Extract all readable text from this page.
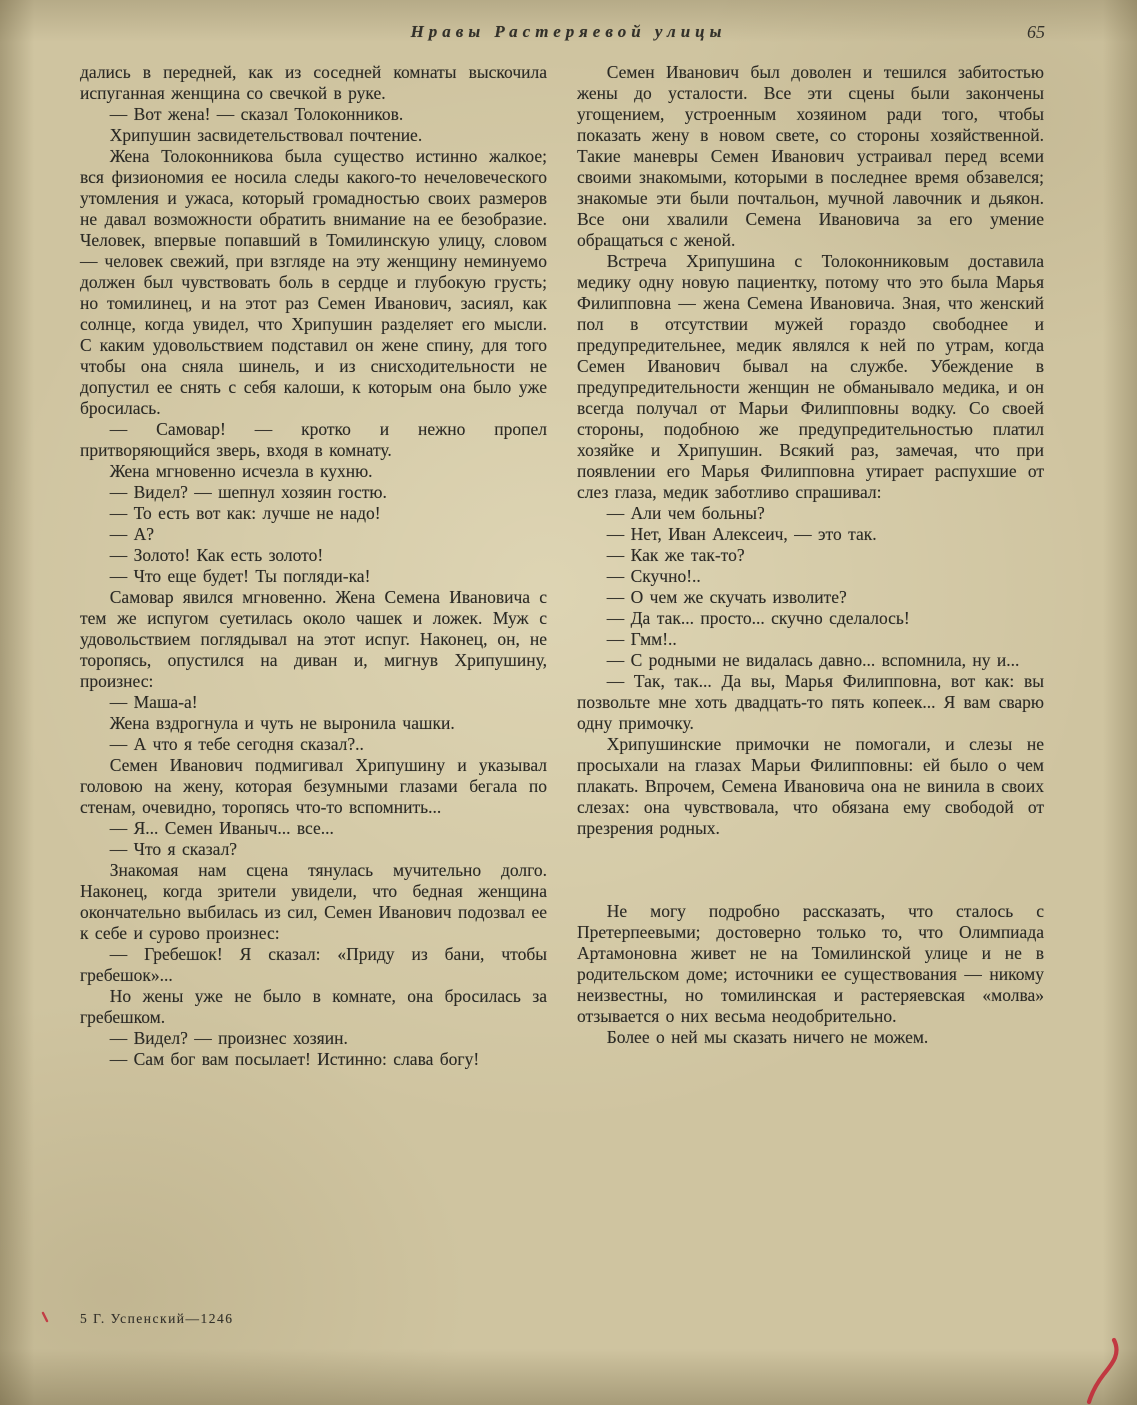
Нравы Растеряевой улицы	65

дались в передней, как из соседней комнаты выскочила испуганная женщина со свечкой в руке.

— Вот жена! — сказал Толоконников.

Хрипушин засвидетельствовал почтение.

Жена Толоконникова была существо истинно жалкое; вся физиономия ее носила следы какого-то нечеловеческого утомления и ужаса, который громадностью своих размеров не давал возможности обратить внимание на ее безобразие. Человек, впервые попавший в Томилинскую улицу, словом — человек свежий, при взгляде на эту женщину неминуемо должен был чувствовать боль в сердце и глубокую грусть; но томилинец, и на этот раз Семен Иванович, засиял, как солнце, когда увидел, что Хрипушин разделяет его мысли. С каким удовольствием подставил он жене спину, для того чтобы она сняла шинель, и из снисходительности не допустил ее снять с себя калоши, к которым она было уже бросилась.

— Самовар! — кротко и нежно пропел притворяющийся зверь, входя в комнату.

Жена мгновенно исчезла в кухню.

— Видел? — шепнул хозяин гостю.

— То есть вот как: лучше не надо!

— А?

— Золото! Как есть золото!

— Что еще будет! Ты погляди-ка!

Самовар явился мгновенно. Жена Семена Ивановича с тем же испугом суетилась около чашек и ложек. Муж с удовольствием поглядывал на этот испуг. Наконец, он, не торопясь, опустился на диван и, мигнув Хрипушину, произнес:

— Маша-а!

Жена вздрогнула и чуть не выронила чашки.

— А что я тебе сегодня сказал?..

Семен Иванович подмигивал Хрипушину и указывал головою на жену, которая безумными глазами бегала по стенам, очевидно, торопясь что-то вспомнить...

— Я... Семен Иваныч... все...

— Что я сказал?

Знакомая нам сцена тянулась мучительно долго. Наконец, когда зрители увидели, что бедная женщина окончательно выбилась из сил, Семен Иванович подозвал ее к себе и сурово произнес:

— Гребешок! Я сказал: «Приду из бани, чтобы гребешок»...

Но жены уже не было в комнате, она бросилась за гребешком.

— Видел? — произнес хозяин.

— Сам бог вам посылает! Истинно: слава богу!

Семен Иванович был доволен и тешился забитостью жены до усталости. Все эти сцены были закончены угощением, устроенным хозяином ради того, чтобы показать жену в новом свете, со стороны хозяйственной. Такие маневры Семен Иванович устраивал перед всеми своими знакомыми, которыми в последнее время обзавелся; знакомые эти были почтальон, мучной лавочник и дьякон. Все они хвалили Семена Ивановича за его умение обращаться с женой.

Встреча Хрипушина с Толоконниковым доставила медику одну новую пациентку, потому что это была Марья Филипповна — жена Семена Ивановича. Зная, что женский пол в отсутствии мужей гораздо свободнее и предупредительнее, медик являлся к ней по утрам, когда Семен Иванович бывал на службе. Убеждение в предупредительности женщин не обманывало медика, и он всегда получал от Марьи Филипповны водку. Со своей стороны, подобною же предупредительностью платил хозяйке и Хрипушин. Всякий раз, замечая, что при появлении его Марья Филипповна утирает распухшие от слез глаза, медик заботливо спрашивал:

— Али чем больны?

— Нет, Иван Алексеич, — это так.

— Как же так-то?

— Скучно!..

— О чем же скучать изволите?

— Да так... просто... скучно сделалось!

— Гмм!..

— С родными не видалась давно... вспомнила, ну и...

— Так, так... Да вы, Марья Филипповна, вот как: вы позвольте мне хоть двадцать-то пять копеек... Я вам сварю одну примочку.

Хрипушинские примочки не помогали, и слезы не просыхали на глазах Марьи Филипповны: ей было о чем плакать. Впрочем, Семена Ивановича она не винила в своих слезах: она чувствовала, что обязана ему свободой от презрения родных.

Не могу подробно рассказать, что сталось с Претерпеевыми; достоверно только то, что Олимпиада Артамоновна живет не на Томилинской улице и не в родительском доме; источники ее существования — никому неизвестны, но томилинская и растеряевская «молва» отзывается о них весьма неодобрительно.

Более о ней мы сказать ничего не можем.

5 Г. Успенский—1246
